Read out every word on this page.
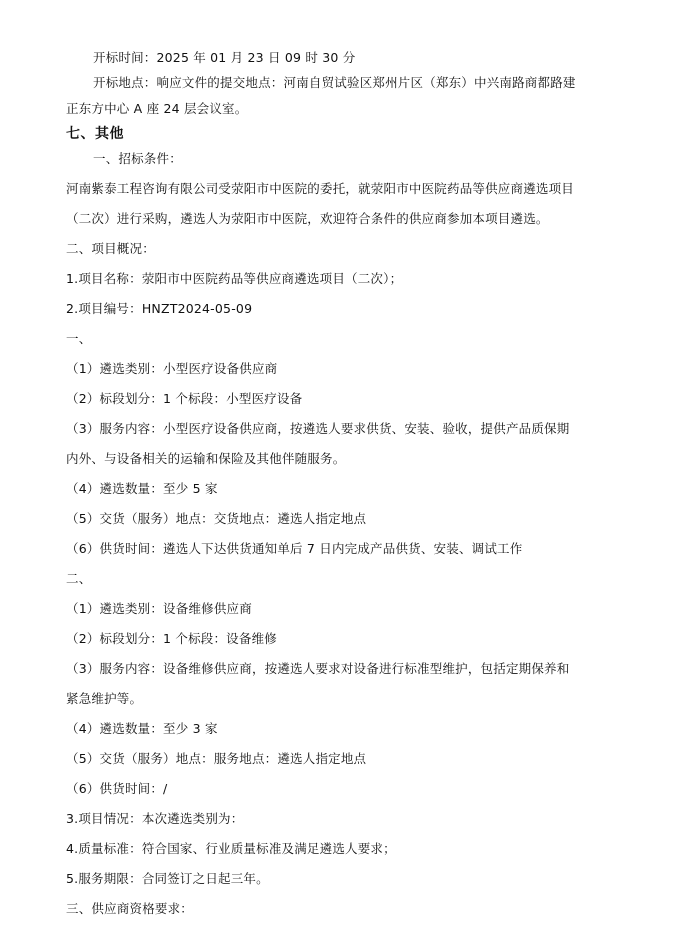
开标时间：2025 年 01 月 23 日 09 时 30 分
开标地点：响应文件的提交地点：河南自贸试验区郑州片区（郑东）中兴南路商都路建
正东方中心 A 座 24 层会议室。
七、其他
一、招标条件：
河南紫泰工程咨询有限公司受荥阳市中医院的委托，就荥阳市中医院药品等供应商遴选项目
（二次）进行采购，遴选人为荥阳市中医院，欢迎符合条件的供应商参加本项目遴选。
二、项目概况：
1.项目名称：荥阳市中医院药品等供应商遴选项目（二次）；
2.项目编号：HNZT2024-05-09
一、
（1）遴选类别：小型医疗设备供应商
（2）标段划分：1 个标段：小型医疗设备
（3）服务内容：小型医疗设备供应商，按遴选人要求供货、安装、验收，提供产品质保期
内外、与设备相关的运输和保险及其他伴随服务。
（4）遴选数量：至少 5 家
（5）交货（服务）地点：交货地点：遴选人指定地点
（6）供货时间：遴选人下达供货通知单后 7 日内完成产品供货、安装、调试工作
二、
（1）遴选类别：设备维修供应商
（2）标段划分：1 个标段：设备维修
（3）服务内容：设备维修供应商，按遴选人要求对设备进行标准型维护，包括定期保养和
紧急维护等。
（4）遴选数量：至少 3 家
（5）交货（服务）地点：服务地点：遴选人指定地点
（6）供货时间：/
3.项目情况：本次遴选类别为：
4.质量标准：符合国家、行业质量标准及满足遴选人要求；
5.服务期限：合同签订之日起三年。
三、供应商资格要求：
